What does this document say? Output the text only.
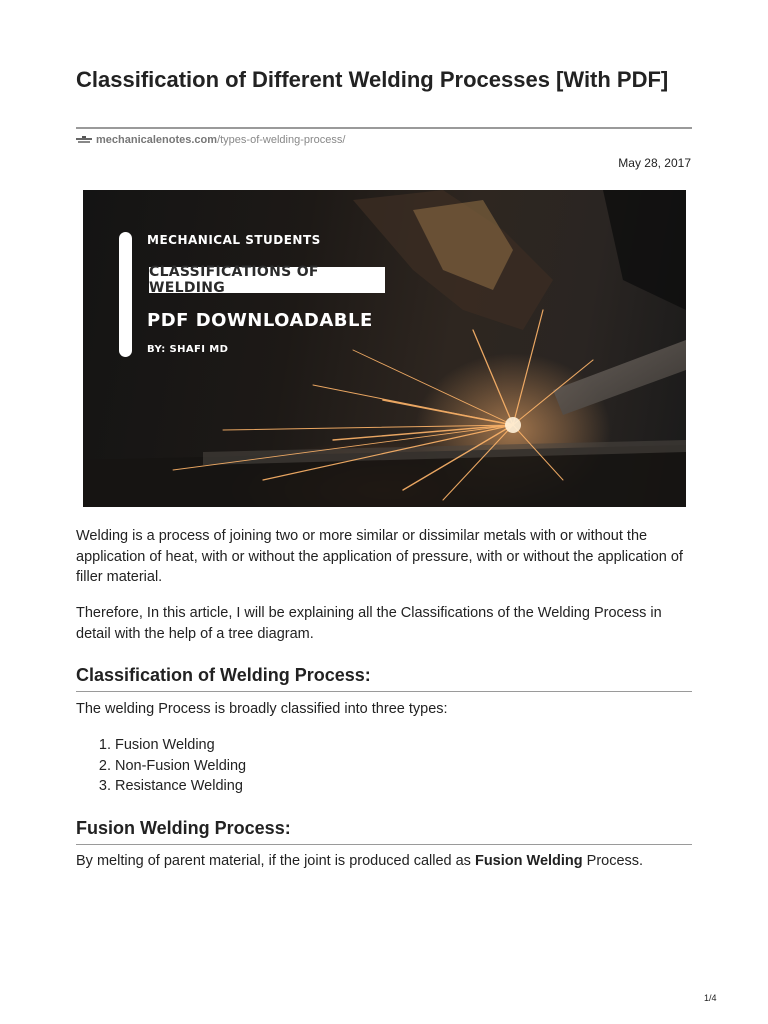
Classification of Different Welding Processes [With PDF]
mechanicalenotes.com /types-of-welding-process/
May 28, 2017
MECHANICAL STUDENTS
CLASSIFICATIONS OF WELDING
PDF DOWNLOADABLE
BY: SHAFI MD

Welding is a process of joining two or more similar or dissimilar metals with or without the application of heat, with or without the application of pressure, with or without the application of filler material.

Therefore, In this article, I will be explaining all the Classifications of the Welding Process in detail with the help of a tree diagram.

Classification of Welding Process:

The welding Process is broadly classified into three types:

1. Fusion Welding
2. Non-Fusion Welding
3. Resistance Welding
Fusion Welding Process:

By melting of parent material, if the joint is produced called as Fusion Welding Process.

1/4
